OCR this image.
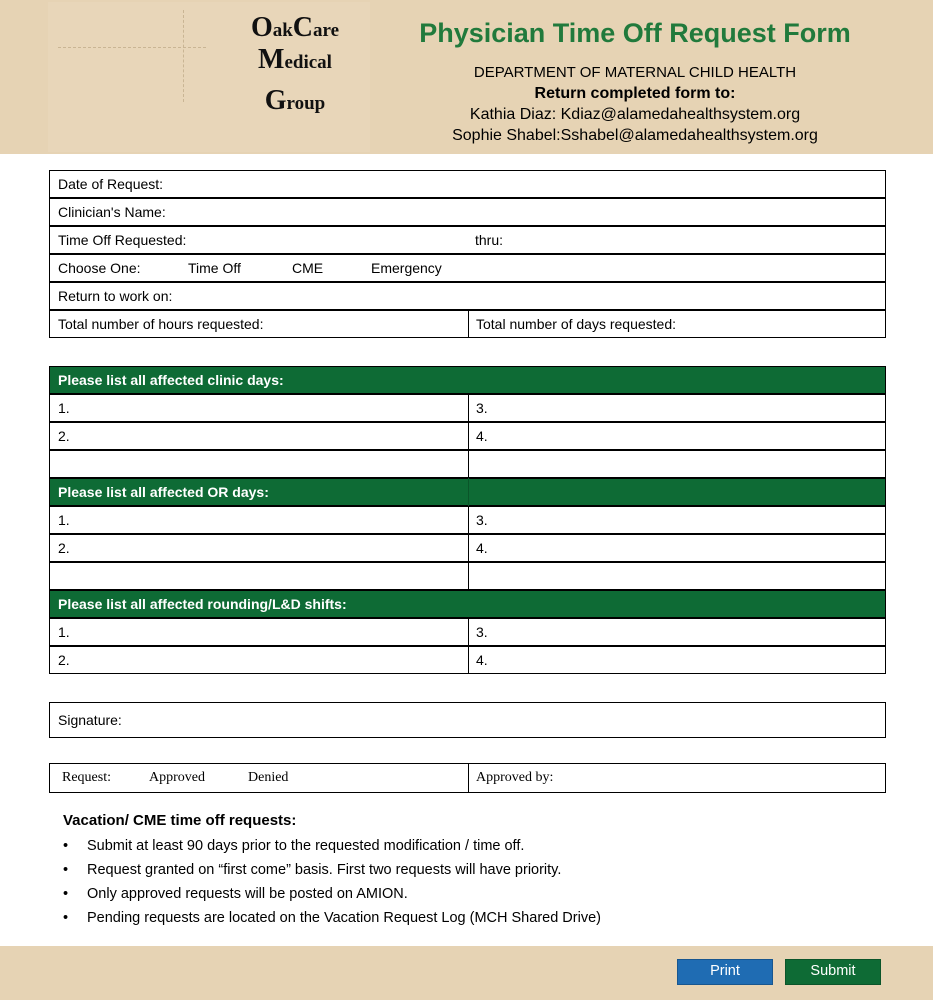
OakCare
Medical
Group
Physician Time Off Request Form
DEPARTMENT OF MATERNAL CHILD HEALTH
Return completed form to:
Kathia Diaz: Kdiaz@alamedahealthsystem.org
Sophie Shabel:Sshabel@alamedahealthsystem.org
Date of Request:
Clinician's Name:
Time Off Requested:	thru:
Choose One:	Time Off	CME	Emergency
Return to work on:
Total number of hours requested:	Total number of days requested:
Please list all affected clinic days:
1.	3.
2.	4.
Please list all affected OR days:
1.	3.
2.	4.
Please list all affected rounding/L&D shifts:
1.	3.
2.	4.
Signature:
Request:	Approved	Denied	Approved by:
Vacation/ CME time off requests:
• Submit at least 90 days prior to the requested modification / time off.
• Request granted on “first come” basis. First two requests will have priority.
• Only approved requests will be posted on AMION.
• Pending requests are located on the Vacation Request Log (MCH Shared Drive)
Print	Submit
